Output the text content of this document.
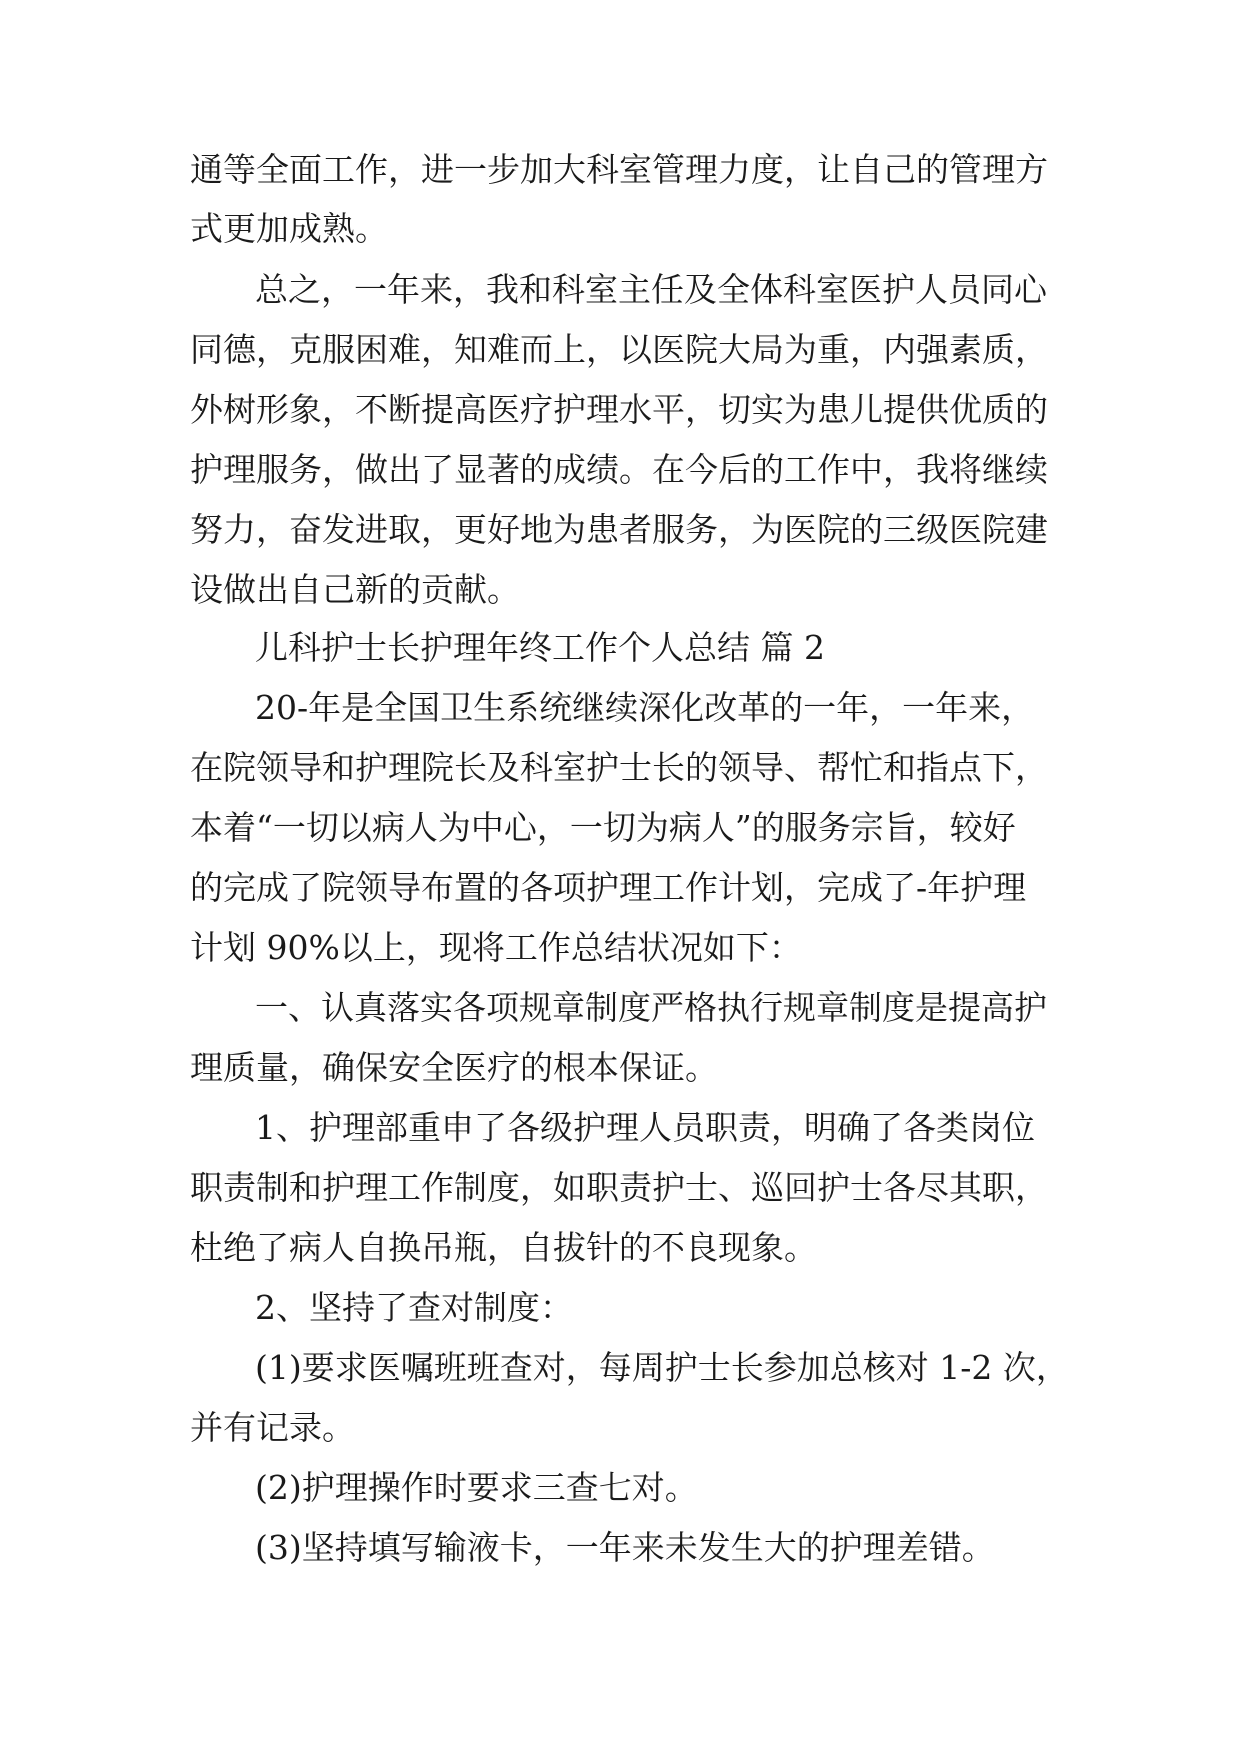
通等全面工作，进一步加大科室管理力度，让自己的管理方

式更加成熟。

总之，一年来，我和科室主任及全体科室医护人员同心

同德，克服困难，知难而上，以医院大局为重，内强素质，

外树形象，不断提高医疗护理水平，切实为患儿提供优质的

护理服务，做出了显著的成绩。在今后的工作中，我将继续

努力，奋发进取，更好地为患者服务，为医院的三级医院建

设做出自己新的贡献。

儿科护士长护理年终工作个人总结 篇 2

20-年是全国卫生系统继续深化改革的一年，一年来，

在院领导和护理院长及科室护士长的领导、帮忙和指点下，

本着“一切以病人为中心，一切为病人”的服务宗旨，较好

的完成了院领导布置的各项护理工作计划，完成了-年护理

计划 90%以上，现将工作总结状况如下：

一、认真落实各项规章制度严格执行规章制度是提高护

理质量，确保安全医疗的根本保证。

1、护理部重申了各级护理人员职责，明确了各类岗位

职责制和护理工作制度，如职责护士、巡回护士各尽其职，

杜绝了病人自换吊瓶，自拔针的不良现象。

2、坚持了查对制度：

(1)要求医嘱班班查对，每周护士长参加总核对 1-2 次，

并有记录。

(2)护理操作时要求三查七对。

(3)坚持填写输液卡，一年来未发生大的护理差错。
